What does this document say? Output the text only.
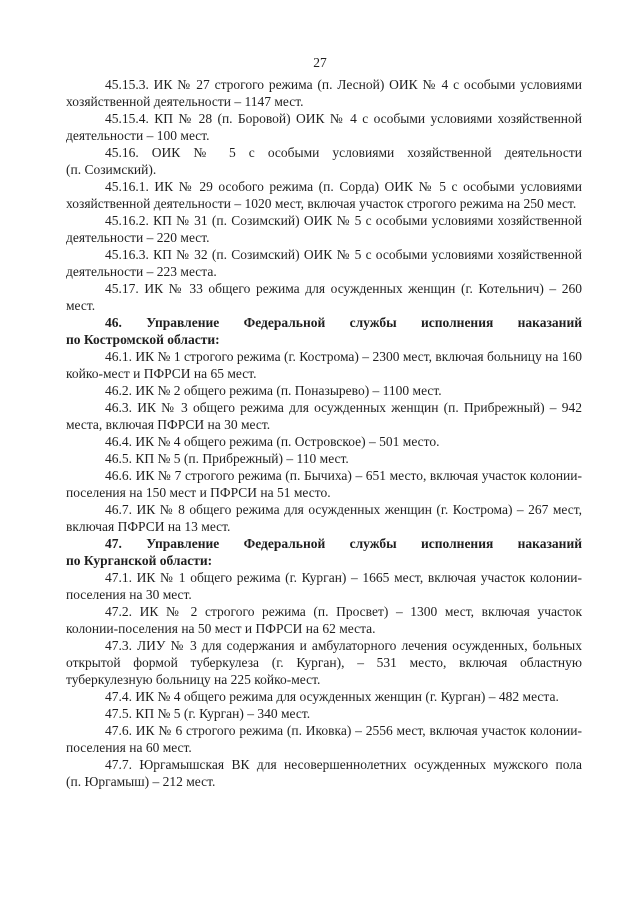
27

45.15.3. ИК № 27 строгого режима (п. Лесной) ОИК № 4 с особыми условиями хозяйственной деятельности – 1147 мест.

45.15.4. КП № 28 (п. Боровой) ОИК № 4 с особыми условиями хозяйственной деятельности – 100 мест.

45.16. ОИК № 5 с особыми условиями хозяйственной деятельности (п. Созимский).

45.16.1. ИК № 29 особого режима (п. Сорда) ОИК № 5 с особыми условиями хозяйственной деятельности – 1020 мест, включая участок строгого режима на 250 мест.

45.16.2. КП № 31 (п. Созимский) ОИК № 5 с особыми условиями хозяйственной деятельности – 220 мест.

45.16.3. КП № 32 (п. Созимский) ОИК № 5 с особыми условиями хозяйственной деятельности – 223 места.

45.17. ИК № 33 общего режима для осужденных женщин (г. Котельнич) – 260 мест.

46. Управление Федеральной службы исполнения наказаний по Костромской области:

46.1. ИК № 1 строгого режима (г. Кострома) – 2300 мест, включая больницу на 160 койко-мест и ПФРСИ на 65 мест.

46.2. ИК № 2 общего режима (п. Поназырево) – 1100 мест.

46.3. ИК № 3 общего режима для осужденных женщин (п. Прибрежный) – 942 места, включая ПФРСИ на 30 мест.

46.4. ИК № 4 общего режима (п. Островское) – 501 место.

46.5. КП № 5 (п. Прибрежный) – 110 мест.

46.6. ИК № 7 строгого режима (п. Бычиха) – 651 место, включая участок колонии-поселения на 150 мест и ПФРСИ на 51 место.

46.7. ИК № 8 общего режима для осужденных женщин (г. Кострома) – 267 мест, включая ПФРСИ на 13 мест.

47. Управление Федеральной службы исполнения наказаний по Курганской области:

47.1. ИК № 1 общего режима (г. Курган) – 1665 мест, включая участок колонии-поселения на 30 мест.

47.2. ИК № 2 строгого режима (п. Просвет) – 1300 мест, включая участок колонии-поселения на 50 мест и ПФРСИ на 62 места.

47.3. ЛИУ № 3 для содержания и амбулаторного лечения осужденных, больных открытой формой туберкулеза (г. Курган), – 531 место, включая областную туберкулезную больницу на 225 койко-мест.

47.4. ИК № 4 общего режима для осужденных женщин (г. Курган) – 482 места.

47.5. КП № 5 (г. Курган) – 340 мест.

47.6. ИК № 6 строгого режима (п. Иковка) – 2556 мест, включая участок колонии-поселения на 60 мест.

47.7. Юргамышская ВК для несовершеннолетних осужденных мужского пола (п. Юргамыш) – 212 мест.
